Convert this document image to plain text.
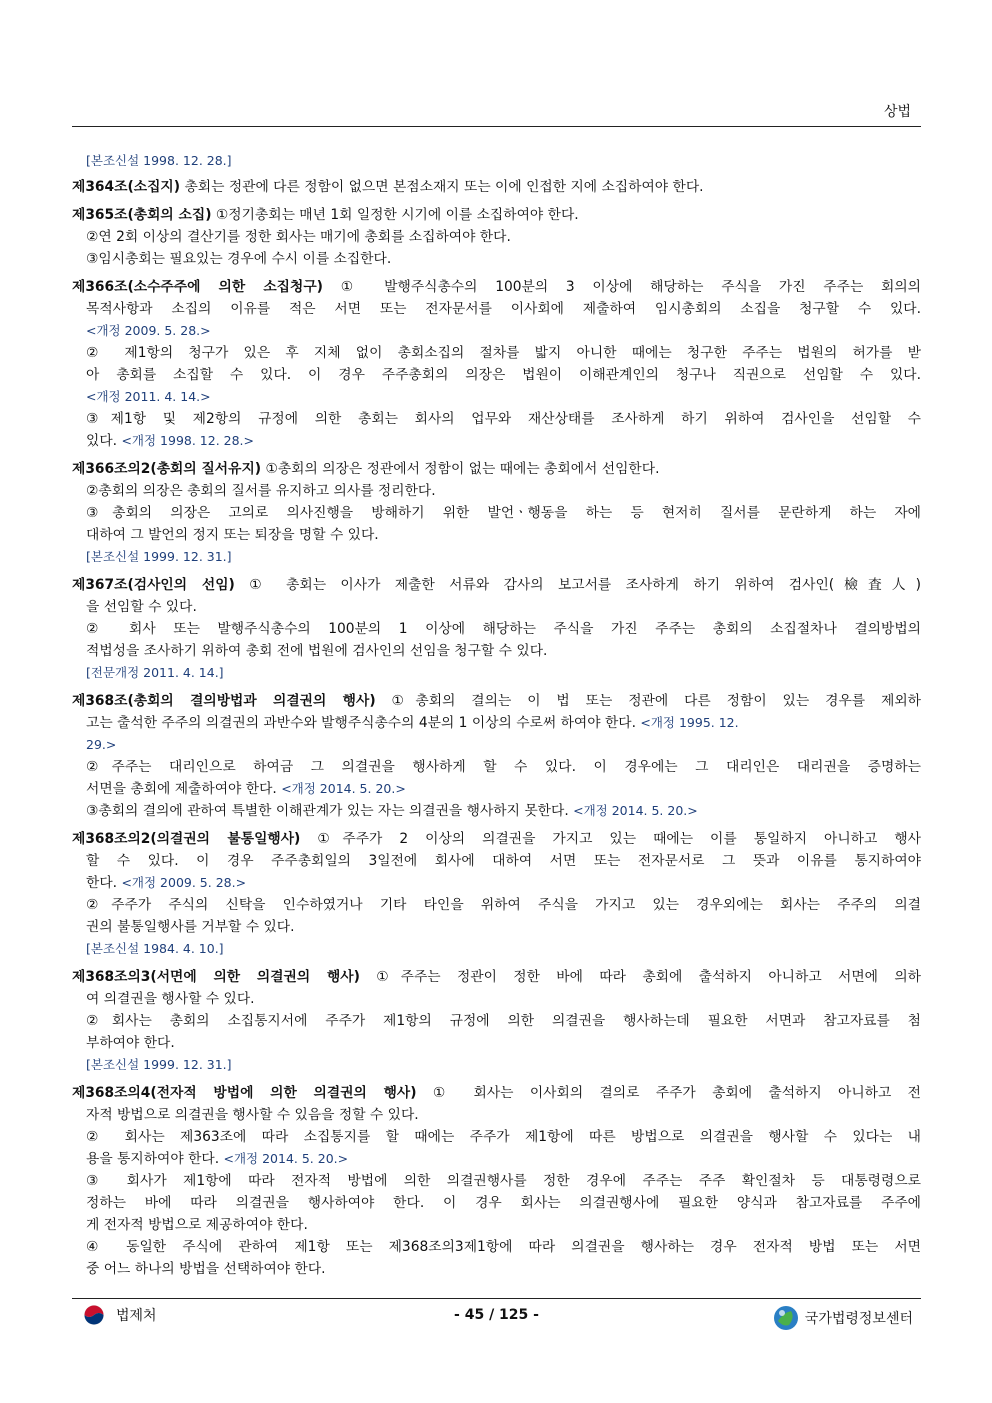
상법
[본조신설 1998. 12. 28.]
제364조(소집지) 총회는 정관에 다른 정함이 없으면 본점소재지 또는 이에 인접한 지에 소집하여야 한다.
제365조(총회의 소집) ①정기총회는 매년 1회 일정한 시기에 이를 소집하여야 한다.
②연 2회 이상의 결산기를 정한 회사는 매기에 총회를 소집하여야 한다.
③임시총회는 필요있는 경우에 수시 이를 소집한다.
제366조(소수주주에 의한 소집청구) ① 발행주식총수의 100분의 3 이상에 해당하는 주식을 가진 주주는 회의의
목적사항과 소집의 이유를 적은 서면 또는 전자문서를 이사회에 제출하여 임시총회의 소집을 청구할 수 있다.
<개정 2009. 5. 28.>
② 제1항의 청구가 있은 후 지체 없이 총회소집의 절차를 밟지 아니한 때에는 청구한 주주는 법원의 허가를 받
아 총회를 소집할 수 있다. 이 경우 주주총회의 의장은 법원이 이해관계인의 청구나 직권으로 선임할 수 있다.
<개정 2011. 4. 14.>
③제1항 및 제2항의 규정에 의한 총회는 회사의 업무와 재산상태를 조사하게 하기 위하여 검사인을 선임할 수
있다. <개정 1998. 12. 28.>
제366조의2(총회의 질서유지) ①총회의 의장은 정관에서 정함이 없는 때에는 총회에서 선임한다.
②총회의 의장은 총회의 질서를 유지하고 의사를 정리한다.
③총회의 의장은 고의로 의사진행을 방해하기 위한 발언ㆍ행동을 하는 등 현저히 질서를 문란하게 하는 자에
대하여 그 발언의 정지 또는 퇴장을 명할 수 있다.
[본조신설 1999. 12. 31.]
제367조(검사인의 선임) ① 총회는 이사가 제출한 서류와 감사의 보고서를 조사하게 하기 위하여 검사인(檢査人)
을 선임할 수 있다.
② 회사 또는 발행주식총수의 100분의 1 이상에 해당하는 주식을 가진 주주는 총회의 소집절차나 결의방법의
적법성을 조사하기 위하여 총회 전에 법원에 검사인의 선임을 청구할 수 있다.
[전문개정 2011. 4. 14.]
제368조(총회의 결의방법과 의결권의 행사) ①총회의 결의는 이 법 또는 정관에 다른 정함이 있는 경우를 제외하
고는 출석한 주주의 의결권의 과반수와 발행주식총수의 4분의 1 이상의 수로써 하여야 한다. <개정 1995. 12.
29.>
②주주는 대리인으로 하여금 그 의결권을 행사하게 할 수 있다. 이 경우에는 그 대리인은 대리권을 증명하는
서면을 총회에 제출하여야 한다. <개정 2014. 5. 20.>
③총회의 결의에 관하여 특별한 이해관계가 있는 자는 의결권을 행사하지 못한다. <개정 2014. 5. 20.>
제368조의2(의결권의 불통일행사) ①주주가 2 이상의 의결권을 가지고 있는 때에는 이를 통일하지 아니하고 행사
할 수 있다. 이 경우 주주총회일의 3일전에 회사에 대하여 서면 또는 전자문서로 그 뜻과 이유를 통지하여야
한다. <개정 2009. 5. 28.>
②주주가 주식의 신탁을 인수하였거나 기타 타인을 위하여 주식을 가지고 있는 경우외에는 회사는 주주의 의결
권의 불통일행사를 거부할 수 있다.
[본조신설 1984. 4. 10.]
제368조의3(서면에 의한 의결권의 행사) ①주주는 정관이 정한 바에 따라 총회에 출석하지 아니하고 서면에 의하
여 의결권을 행사할 수 있다.
②회사는 총회의 소집통지서에 주주가 제1항의 규정에 의한 의결권을 행사하는데 필요한 서면과 참고자료를 첨
부하여야 한다.
[본조신설 1999. 12. 31.]
제368조의4(전자적 방법에 의한 의결권의 행사) ① 회사는 이사회의 결의로 주주가 총회에 출석하지 아니하고 전
자적 방법으로 의결권을 행사할 수 있음을 정할 수 있다.
② 회사는 제363조에 따라 소집통지를 할 때에는 주주가 제1항에 따른 방법으로 의결권을 행사할 수 있다는 내
용을 통지하여야 한다. <개정 2014. 5. 20.>
③ 회사가 제1항에 따라 전자적 방법에 의한 의결권행사를 정한 경우에 주주는 주주 확인절차 등 대통령령으로
정하는 바에 따라 의결권을 행사하여야 한다. 이 경우 회사는 의결권행사에 필요한 양식과 참고자료를 주주에
게 전자적 방법으로 제공하여야 한다.
④ 동일한 주식에 관하여 제1항 또는 제368조의3제1항에 따라 의결권을 행사하는 경우 전자적 방법 또는 서면
중 어느 하나의 방법을 선택하여야 한다.
법제처	- 45 / 125 -	국가법령정보센터
